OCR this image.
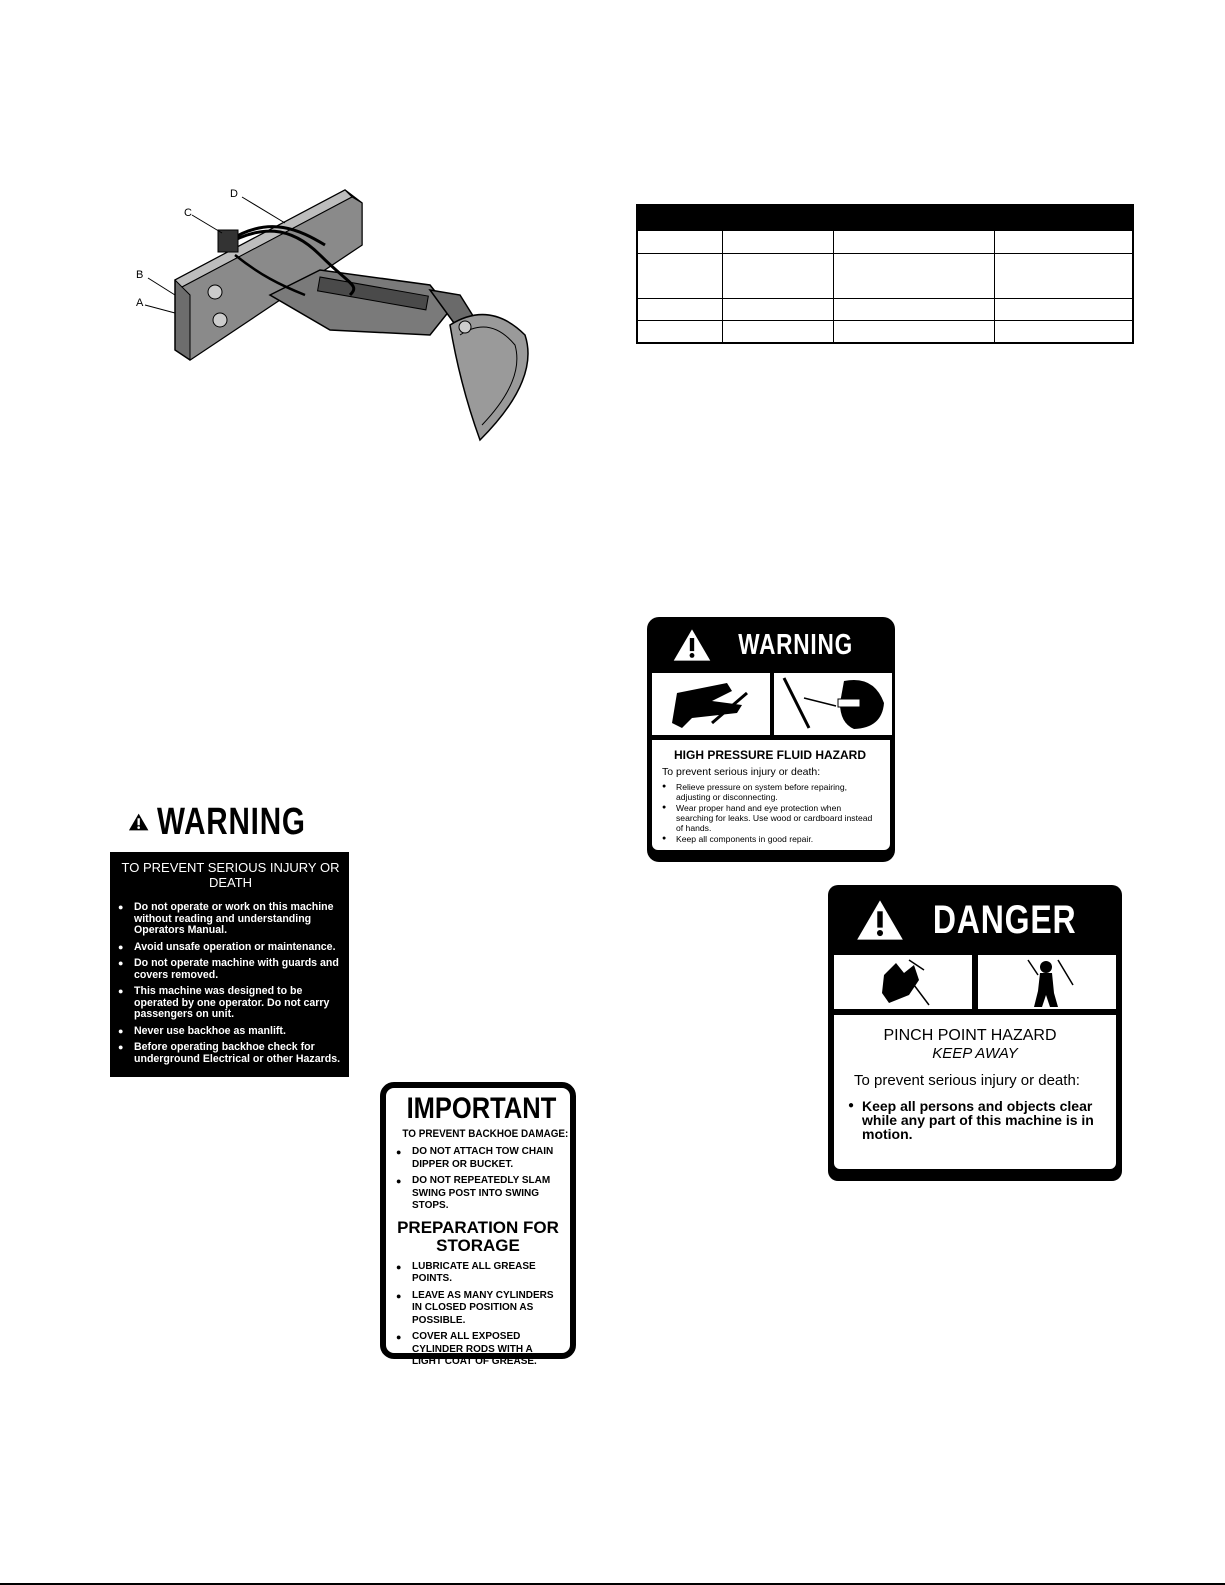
A
B
C
D

WARNING
TO PREVENT SERIOUS INJURY OR DEATH
● Do not operate or work on this machine without reading and understanding Operators Manual.
● Avoid unsafe operation or maintenance.
● Do not operate machine with guards and covers removed.
● This machine was designed to be operated by one operator. Do not carry passengers on unit.
● Never use backhoe as manlift.
● Before operating backhoe check for underground Electrical or other Hazards.
IMPORTANT
TO PREVENT BACKHOE DAMAGE:
● DO NOT ATTACH TOW CHAIN DIPPER OR BUCKET.
● DO NOT REPEATEDLY SLAM SWING POST INTO SWING STOPS.
PREPARATION FOR STORAGE
● LUBRICATE ALL GREASE POINTS.
● LEAVE AS MANY CYLINDERS IN CLOSED POSITION AS POSSIBLE.
● COVER ALL EXPOSED CYLINDER RODS WITH A LIGHT COAT OF GREASE.
WARNING
HIGH PRESSURE FLUID HAZARD
To prevent serious injury or death:
● Relieve pressure on system before repairing, adjusting or disconnecting.
● Wear proper hand and eye protection when searching for leaks. Use wood or cardboard instead of hands.
● Keep all components in good repair.
DANGER
PINCH POINT HAZARD
KEEP AWAY
To prevent serious injury or death:
● Keep all persons and objects clear while any part of this machine is in motion.
